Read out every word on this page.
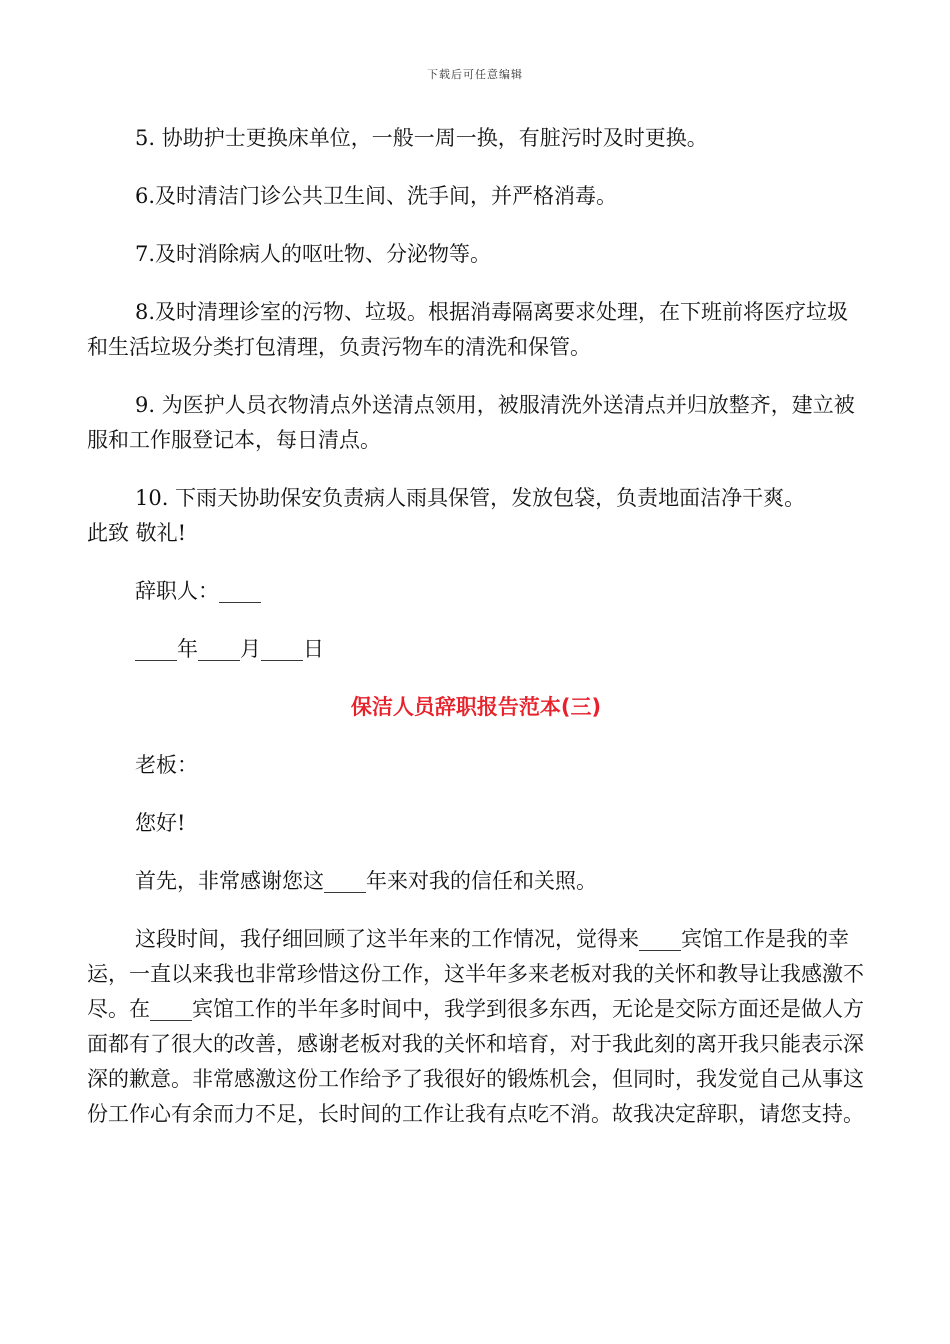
下载后可任意编辑

5. 协助护士更换床单位，一般一周一换，有脏污时及时更换。

6.及时清洁门诊公共卫生间、洗手间，并严格消毒。

7.及时消除病人的呕吐物、分泌物等。

8.及时清理诊室的污物、垃圾。根据消毒隔离要求处理，在下班前将医疗垃圾和生活垃圾分类打包清理，负责污物车的清洗和保管。

9. 为医护人员衣物清点外送清点领用，被服清洗外送清点并归放整齐，建立被服和工作服登记本，每日清点。

10. 下雨天协助保安负责病人雨具保管，发放包袋，负责地面洁净干爽。

此致 敬礼!

辞职人：____

____年____月____日

保洁人员辞职报告范本(三)

老板：

您好!

首先，非常感谢您这____年来对我的信任和关照。

这段时间，我仔细回顾了这半年来的工作情况，觉得来____宾馆工作是我的幸运，一直以来我也非常珍惜这份工作，这半年多来老板对我的关怀和教导让我感激不尽。在____宾馆工作的半年多时间中，我学到很多东西，无论是交际方面还是做人方面都有了很大的改善，感谢老板对我的关怀和培育，对于我此刻的离开我只能表示深深的歉意。非常感激这份工作给予了我很好的锻炼机会，但同时，我发觉自己从事这份工作心有余而力不足，长时间的工作让我有点吃不消。故我决定辞职，请您支持。
